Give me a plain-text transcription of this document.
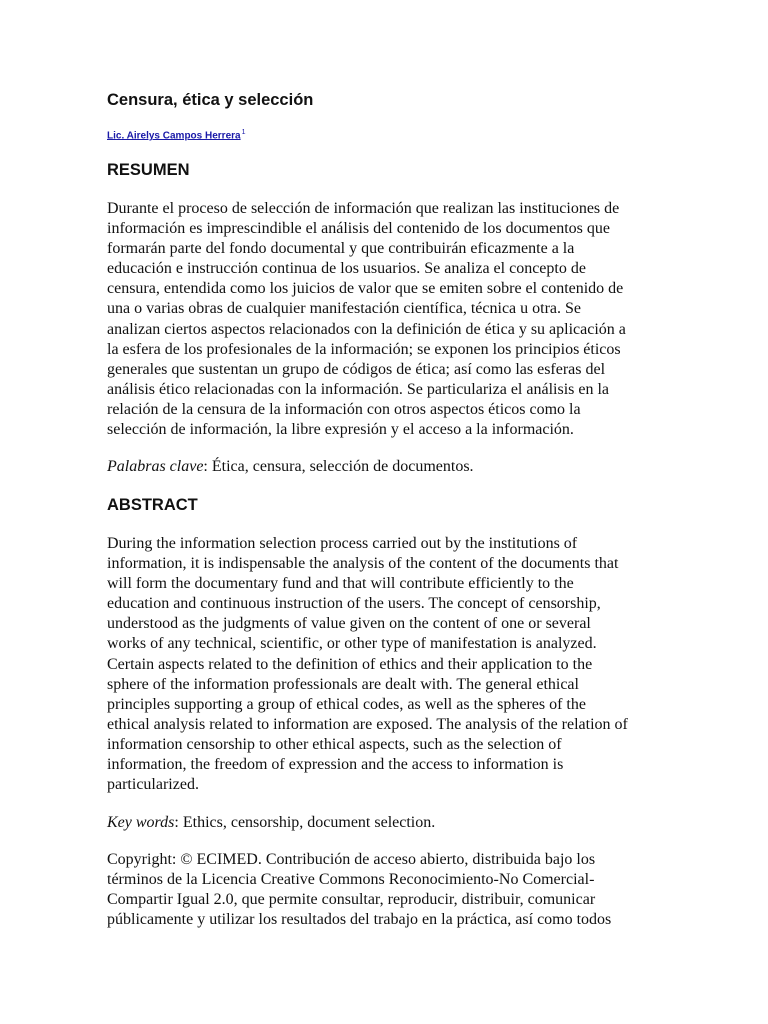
Censura, ética y selección
Lic. Airelys Campos Herrera$^1$
RESUMEN

Durante el proceso de selección de información que realizan las instituciones de
información es imprescindible el análisis del contenido de los documentos que
formarán parte del fondo documental y que contribuirán eficazmente a la
educación e instrucción continua de los usuarios. Se analiza el concepto de
censura, entendida como los juicios de valor que se emiten sobre el contenido de
una o varias obras de cualquier manifestación científica, técnica u otra. Se
analizan ciertos aspectos relacionados con la definición de ética y su aplicación a
la esfera de los profesionales de la información; se exponen los principios éticos
generales que sustentan un grupo de códigos de ética; así como las esferas del
análisis ético relacionadas con la información. Se particulariza el análisis en la
relación de la censura de la información con otros aspectos éticos como la
selección de información, la libre expresión y el acceso a la información.

Palabras clave: Ética, censura, selección de documentos.

ABSTRACT

During the information selection process carried out by the institutions of
information, it is indispensable the analysis of the content of the documents that
will form the documentary fund and that will contribute efficiently to the
education and continuous instruction of the users. The concept of censorship,
understood as the judgments of value given on the content of one or several
works of any technical, scientific, or other type of manifestation is analyzed.
Certain aspects related to the definition of ethics and their application to the
sphere of the information professionals are dealt with. The general ethical
principles supporting a group of ethical codes, as well as the spheres of the
ethical analysis related to information are exposed. The analysis of the relation of
information censorship to other ethical aspects, such as the selection of
information, the freedom of expression and the access to information is
particularized.

Key words: Ethics, censorship, document selection.

Copyright: © ECIMED. Contribución de acceso abierto, distribuida bajo los
términos de la Licencia Creative Commons Reconocimiento-No Comercial-
Compartir Igual 2.0, que permite consultar, reproducir, distribuir, comunicar
públicamente y utilizar los resultados del trabajo en la práctica, así como todos
